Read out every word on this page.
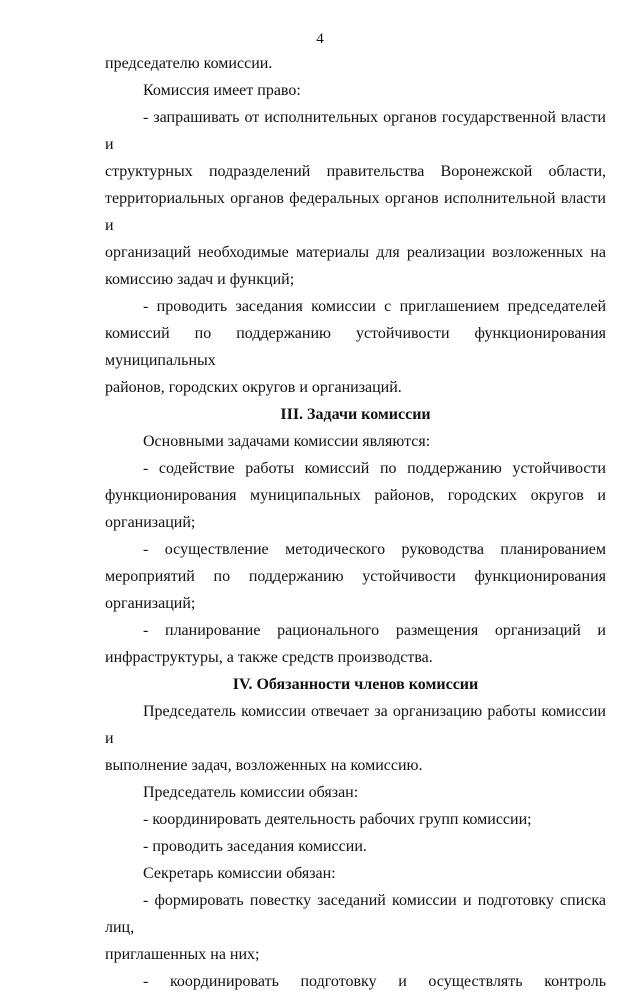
4
председателю комиссии.
Комиссия имеет право:
- запрашивать от исполнительных органов государственной власти и
структурных подразделений правительства Воронежской области,
территориальных органов федеральных органов исполнительной власти и
организаций необходимые материалы для реализации возложенных на
комиссию задач и функций;
- проводить заседания комиссии с приглашением председателей
комиссий по поддержанию устойчивости функционирования муниципальных
районов, городских округов и организаций.
III. Задачи комиссии
Основными задачами комиссии являются:
- содействие работы комиссий по поддержанию устойчивости
функционирования муниципальных районов, городских округов и
организаций;
- осуществление методического руководства планированием
мероприятий по поддержанию устойчивости функционирования
организаций;
- планирование рационального размещения организаций и
инфраструктуры, а также средств производства.
IV. Обязанности членов комиссии
Председатель комиссии отвечает за организацию работы комиссии и
выполнение задач, возложенных на комиссию.
Председатель комиссии обязан:
- координировать деятельность рабочих групп комиссии;
- проводить заседания комиссии.
Секретарь комиссии обязан:
- формировать повестку заседаний комиссии и подготовку списка лиц,
приглашенных на них;
- координировать подготовку и осуществлять контроль
